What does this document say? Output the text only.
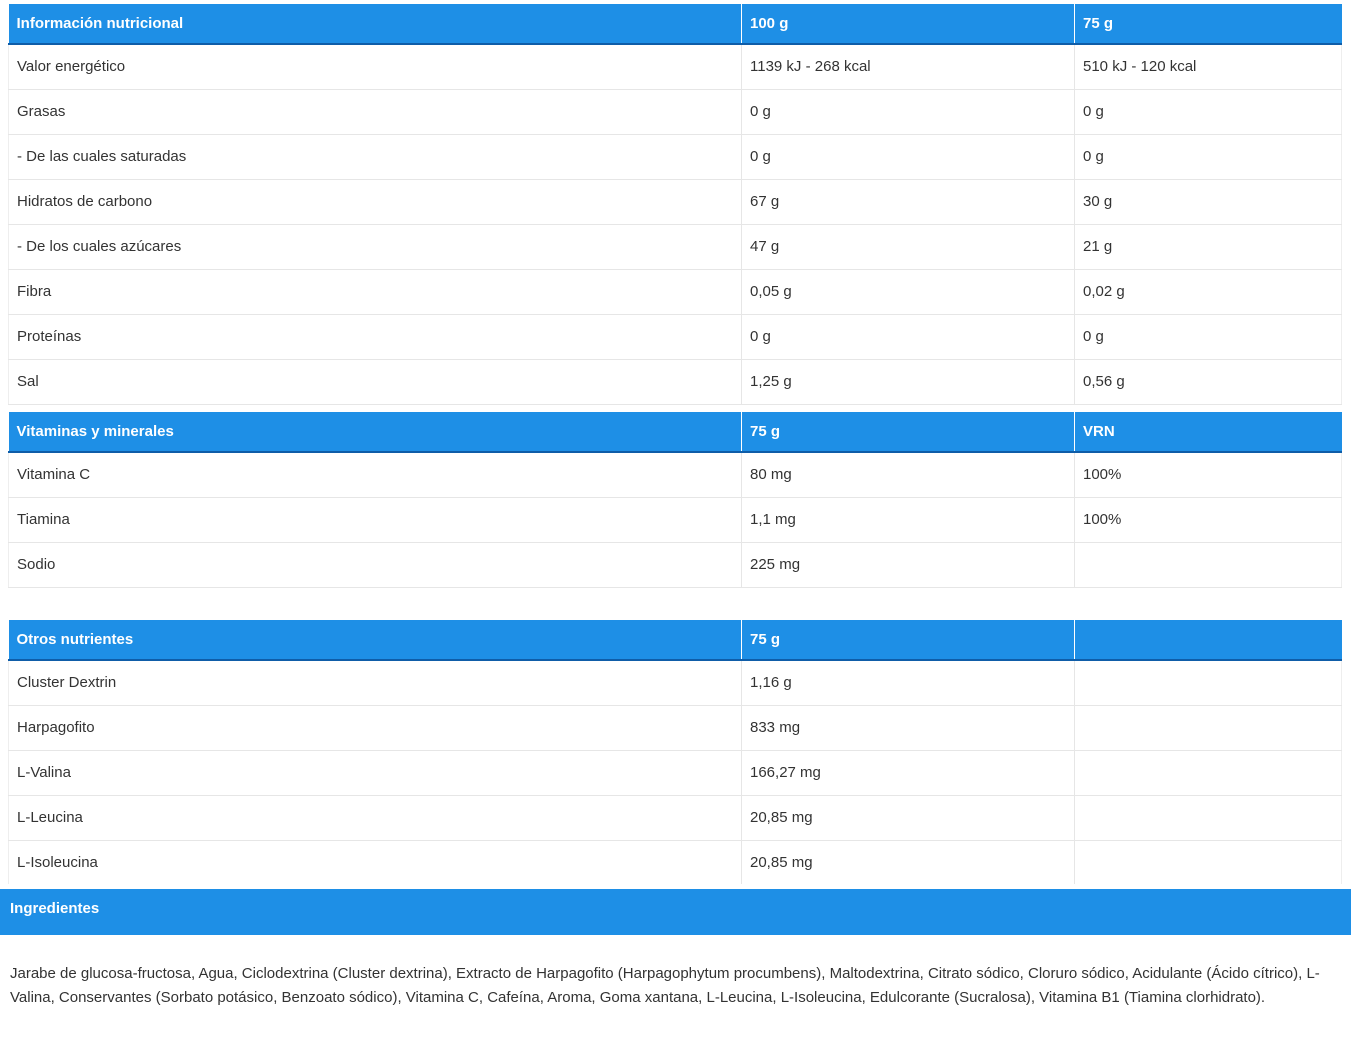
Información nutricional	100 g	75 g
Valor energético	1139 kJ - 268 kcal	510 kJ - 120 kcal
Grasas	0 g	0 g
- De las cuales saturadas	0 g	0 g
Hidratos de carbono	67 g	30 g
- De los cuales azúcares	47 g	21 g
Fibra	0,05 g	0,02 g
Proteínas	0 g	0 g
Sal	1,25 g	0,56 g
Vitaminas y minerales	75 g	VRN
Vitamina C	80 mg	100%
Tiamina	1,1 mg	100%
Sodio	225 mg	
Otros nutrientes	75 g	
Cluster Dextrin	1,16 g	
Harpagofito	833 mg	
L-Valina	166,27 mg	
L-Leucina	20,85 mg	
L-Isoleucina	20,85 mg	
Ingredientes

Jarabe de glucosa-fructosa, Agua, Ciclodextrina (Cluster dextrina), Extracto de Harpagofito (Harpagophytum procumbens), Maltodextrina, Citrato sódico, Cloruro sódico, Acidulante (Ácido cítrico), L-Valina, Conservantes (Sorbato potásico, Benzoato sódico), Vitamina C, Cafeína, Aroma, Goma xantana, L-Leucina, L-Isoleucina, Edulcorante (Sucralosa), Vitamina B1 (Tiamina clorhidrato).
